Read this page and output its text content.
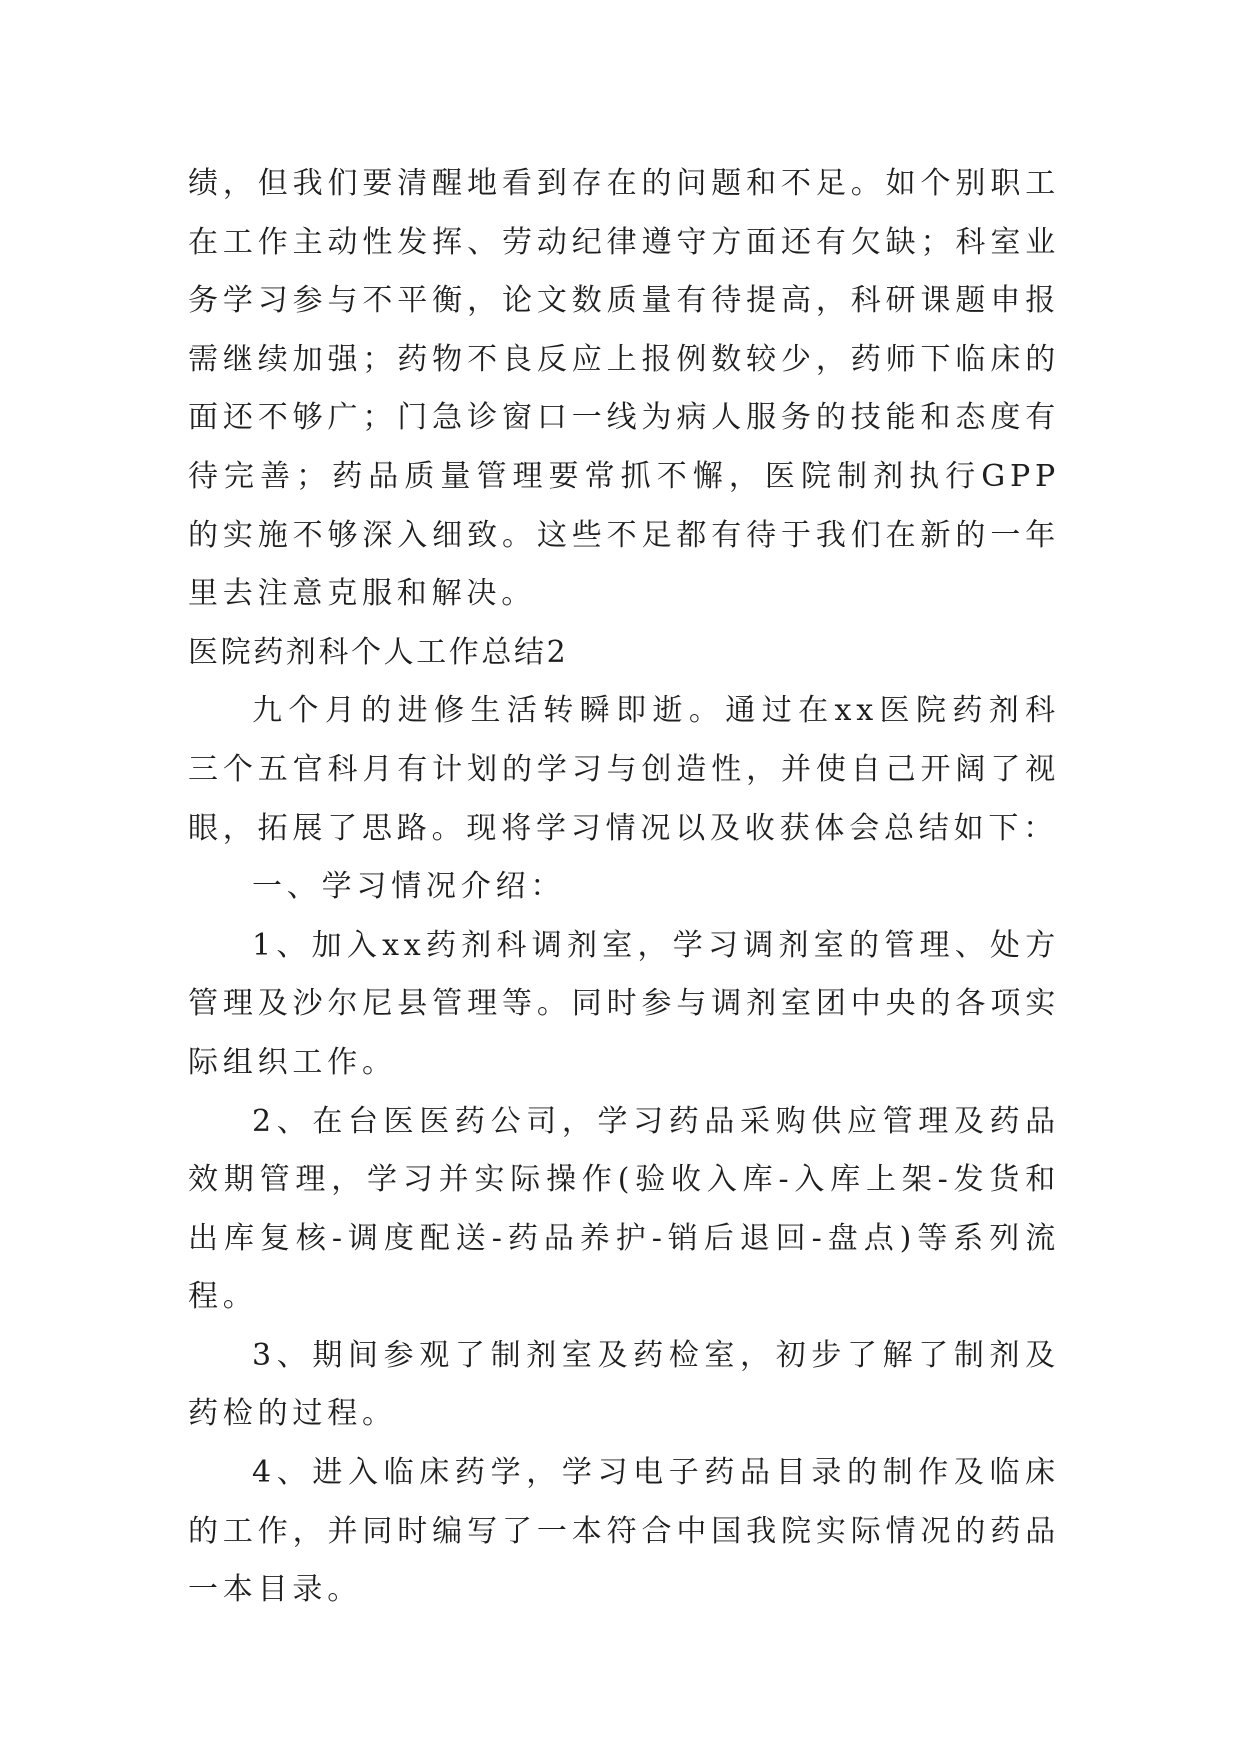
绩，但我们要清醒地看到存在的问题和不足。如个别职工在工作主动性发挥、劳动纪律遵守方面还有欠缺；科室业务学习参与不平衡，论文数质量有待提高，科研课题申报需继续加强；药物不良反应上报例数较少，药师下临床的面还不够广；门急诊窗口一线为病人服务的技能和态度有待完善；药品质量管理要常抓不懈，医院制剂执行GPP的实施不够深入细致。这些不足都有待于我们在新的一年里去注意克服和解决。

医院药剂科个人工作总结2

九个月的进修生活转瞬即逝。通过在xx医院药剂科三个五官科月有计划的学习与创造性，并使自己开阔了视眼，拓展了思路。现将学习情况以及收获体会总结如下：

一、学习情况介绍：

1、加入xx药剂科调剂室，学习调剂室的管理、处方管理及沙尔尼县管理等。同时参与调剂室团中央的各项实际组织工作。

2、在台医医药公司，学习药品采购供应管理及药品效期管理，学习并实际操作(验收入库-入库上架-发货和出库复核-调度配送-药品养护-销后退回-盘点)等系列流程。

3、期间参观了制剂室及药检室，初步了解了制剂及药检的过程。

4、进入临床药学，学习电子药品目录的制作及临床的工作，并同时编写了一本符合中国我院实际情况的药品一本目录。
